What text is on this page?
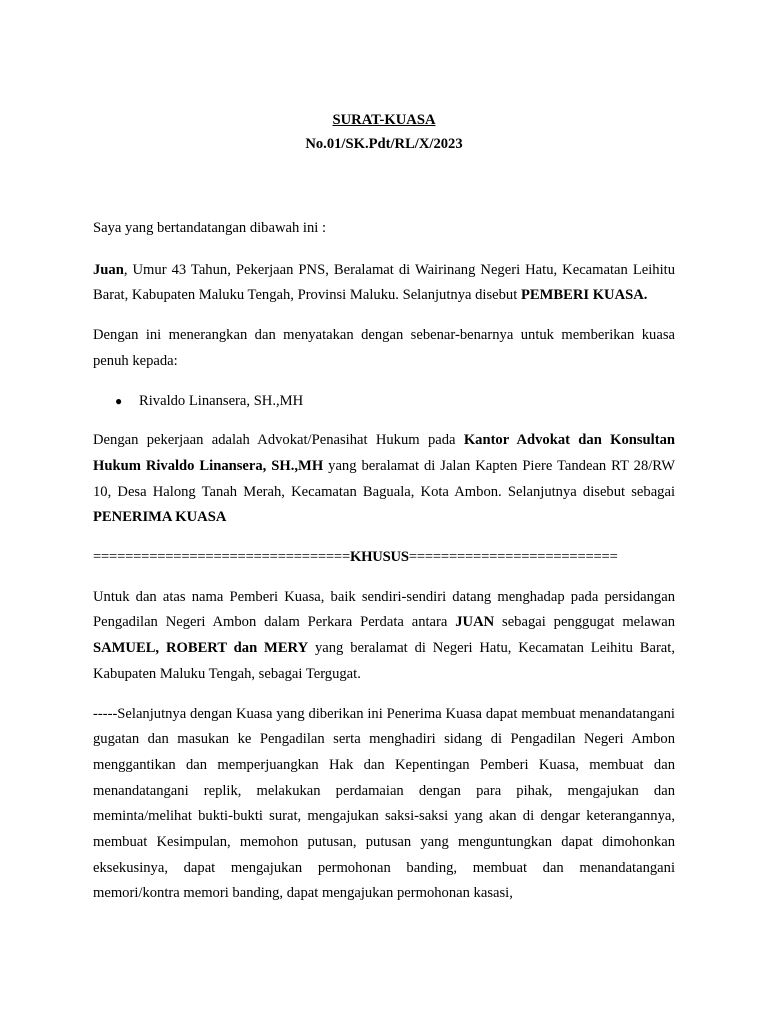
SURAT-KUASA
No.01/SK.Pdt/RL/X/2023

Saya yang bertandatangan dibawah ini :

Juan, Umur 43 Tahun, Pekerjaan PNS, Beralamat di Wairinang Negeri Hatu, Kecamatan Leihitu Barat, Kabupaten Maluku Tengah, Provinsi Maluku. Selanjutnya disebut PEMBERI KUASA.

Dengan ini menerangkan dan menyatakan dengan sebenar-benarnya untuk memberikan kuasa penuh kepada:

●	Rivaldo Linansera, SH.,MH

Dengan pekerjaan adalah Advokat/Penasihat Hukum pada Kantor Advokat dan Konsultan Hukum Rivaldo Linansera, SH.,MH yang beralamat di Jalan Kapten Piere Tandean RT 28/RW 10, Desa Halong Tanah Merah, Kecamatan Baguala, Kota Ambon. Selanjutnya disebut sebagai PENERIMA KUASA

================================KHUSUS==========================

Untuk dan atas nama Pemberi Kuasa, baik sendiri-sendiri datang menghadap pada persidangan Pengadilan Negeri Ambon dalam Perkara Perdata antara JUAN sebagai penggugat melawan SAMUEL, ROBERT dan MERY yang beralamat di Negeri Hatu, Kecamatan Leihitu Barat, Kabupaten Maluku Tengah, sebagai Tergugat.

-----Selanjutnya dengan Kuasa yang diberikan ini Penerima Kuasa dapat membuat menandatangani gugatan dan masukan ke Pengadilan serta menghadiri sidang di Pengadilan Negeri Ambon menggantikan dan memperjuangkan Hak dan Kepentingan Pemberi Kuasa, membuat dan menandatangani replik, melakukan perdamaian dengan para pihak, mengajukan dan meminta/melihat bukti-bukti surat, mengajukan saksi-saksi yang akan di dengar keterangannya, membuat Kesimpulan, memohon putusan, putusan yang menguntungkan dapat dimohonkan eksekusinya, dapat mengajukan permohonan banding, membuat dan menandatangani memori/kontra memori banding, dapat mengajukan permohonan kasasi,
